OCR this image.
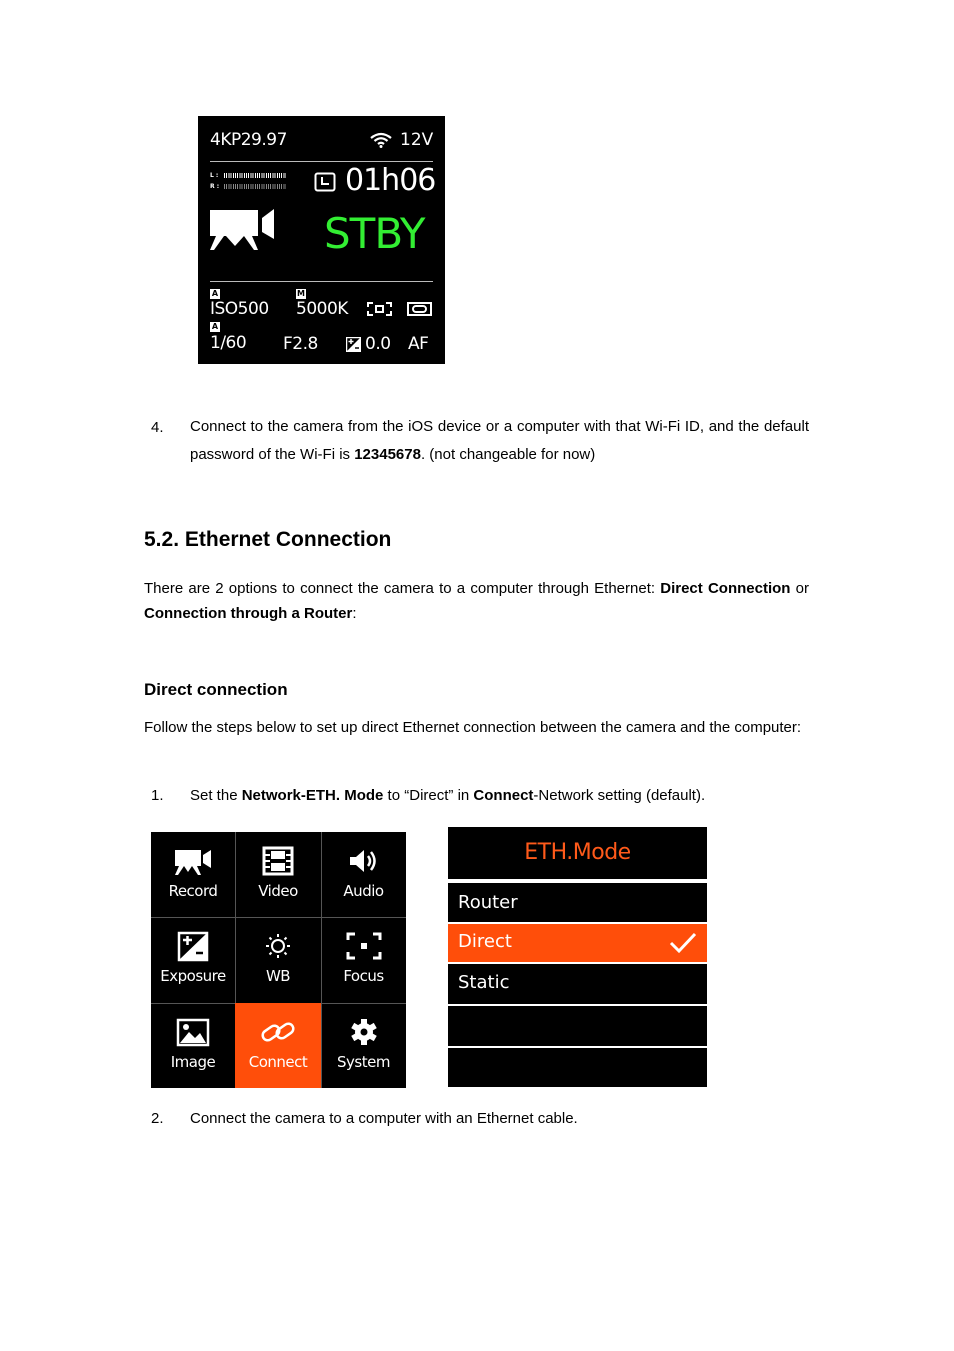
4KP29.97	12V
L :
R :	01h06
STBY
A
ISO500
M
5000K
A
1/60 F2.8	0.0 AF
4. Connect to the camera from the iOS device or a computer with that Wi-Fi ID, and the default password of the Wi-Fi is 12345678. (not changeable for now)

5.2. Ethernet Connection

There are 2 options to connect the camera to a computer through Ethernet: Direct Connection or Connection through a Router:

Direct connection

Follow the steps below to set up direct Ethernet connection between the camera and the computer:

1. Set the Network-ETH. Mode to “Direct” in Connect-Network setting (default).

Record	Video	Audio
Exposure	WB	Focus
Image	Connect	System
ETH.Mode
Router
Direct
Static
2. Connect the camera to a computer with an Ethernet cable.
